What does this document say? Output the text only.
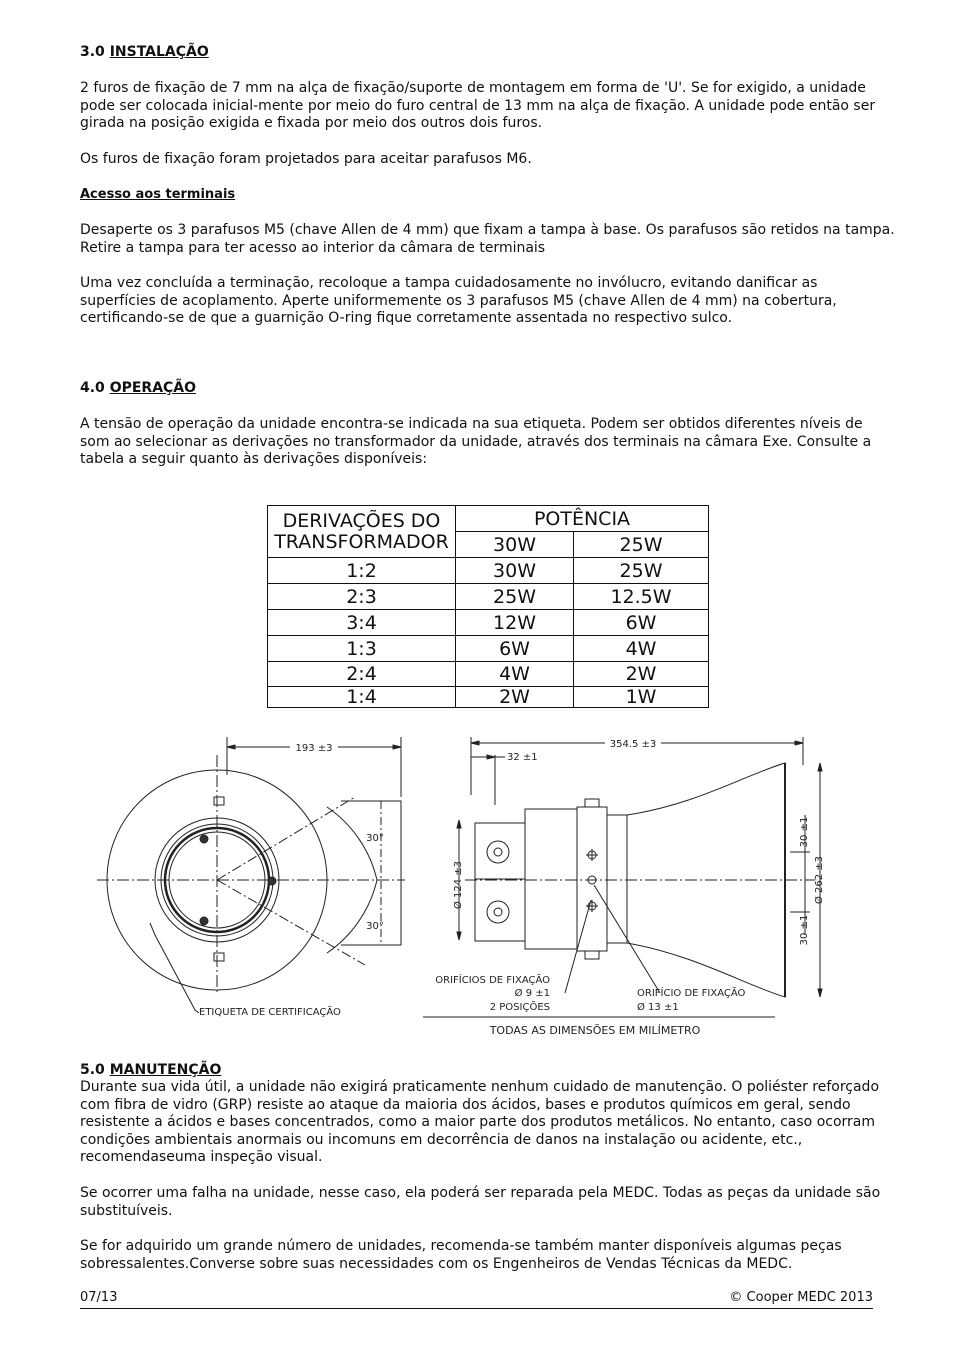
3.0 INSTALAÇÃO
2 furos de fixação de 7 mm na alça de fixação/suporte de montagem em forma de 'U'. Se for exigido, a unidade pode ser colocada inicial-mente por meio do furo central de 13 mm na alça de fixação. A unidade pode então ser girada na posição exigida e fixada por meio dos outros dois furos.
Os furos de fixação foram projetados para aceitar parafusos M6.
Acesso aos terminais
Desaperte os 3 parafusos M5 (chave Allen de 4 mm) que fixam a tampa à base. Os parafusos são retidos na tampa. Retire a tampa para ter acesso ao interior da câmara de terminais
Uma vez concluída a terminação, recoloque a tampa cuidadosamente no invólucro, evitando danificar as superfícies de acoplamento. Aperte uniformemente os 3 parafusos M5 (chave Allen de 4 mm) na cobertura, certificando-se de que a guarnição O-ring fique corretamente assentada no respectivo sulco.
4.0 OPERAÇÃO
A tensão de operação da unidade encontra-se indicada na sua etiqueta. Podem ser obtidos diferentes níveis de som ao selecionar as derivações no transformador da unidade, através dos terminais na câmara Exe. Consulte a tabela a seguir quanto às derivações disponíveis:
DERIVAÇÕES DO
TRANSFORMADOR	POTÊNCIA	
	30W	25W
1:2	30W	25W
2:3	25W	12.5W
3:4	12W	6W
1:3	6W	4W
2:4	4W	2W
1:4	2W	1W
5.0 MANUTENÇÃO
Durante sua vida útil, a unidade não exigirá praticamente nenhum cuidado de manutenção. O poliéster reforçado com fibra de vidro (GRP) resiste ao ataque da maioria dos ácidos, bases e produtos químicos em geral, sendo resistente a ácidos e bases concentrados, como a maior parte dos produtos metálicos. No entanto, caso ocorram condições ambientais anormais ou incomuns em decorrência de danos na instalação ou acidente, etc., recomendaseuma inspeção visual.
Se ocorrer uma falha na unidade, nesse caso, ela poderá ser reparada pela MEDC. Todas as peças da unidade são substituíveis.
Se for adquirido um grande número de unidades, recomenda-se também manter disponíveis algumas peças sobressalentes.Converse sobre suas necessidades com os Engenheiros de Vendas Técnicas da MEDC.
193 ±3
30°
30°
ETIQUETA DE CERTIFICAÇÃO
354.5 ±3
32 ±1
Ø 124 ±3
30 ±1
30 ±1
Ø 262 ±3
ORIFÍCIOS DE FIXAÇÃO
Ø 9 ±1
2 POSIÇÕES
ORIFÍCIO DE FIXAÇÃO
Ø 13 ±1
TODAS AS DIMENSÕES EM MILÍMETRO
07/13	© Cooper MEDC 2013
